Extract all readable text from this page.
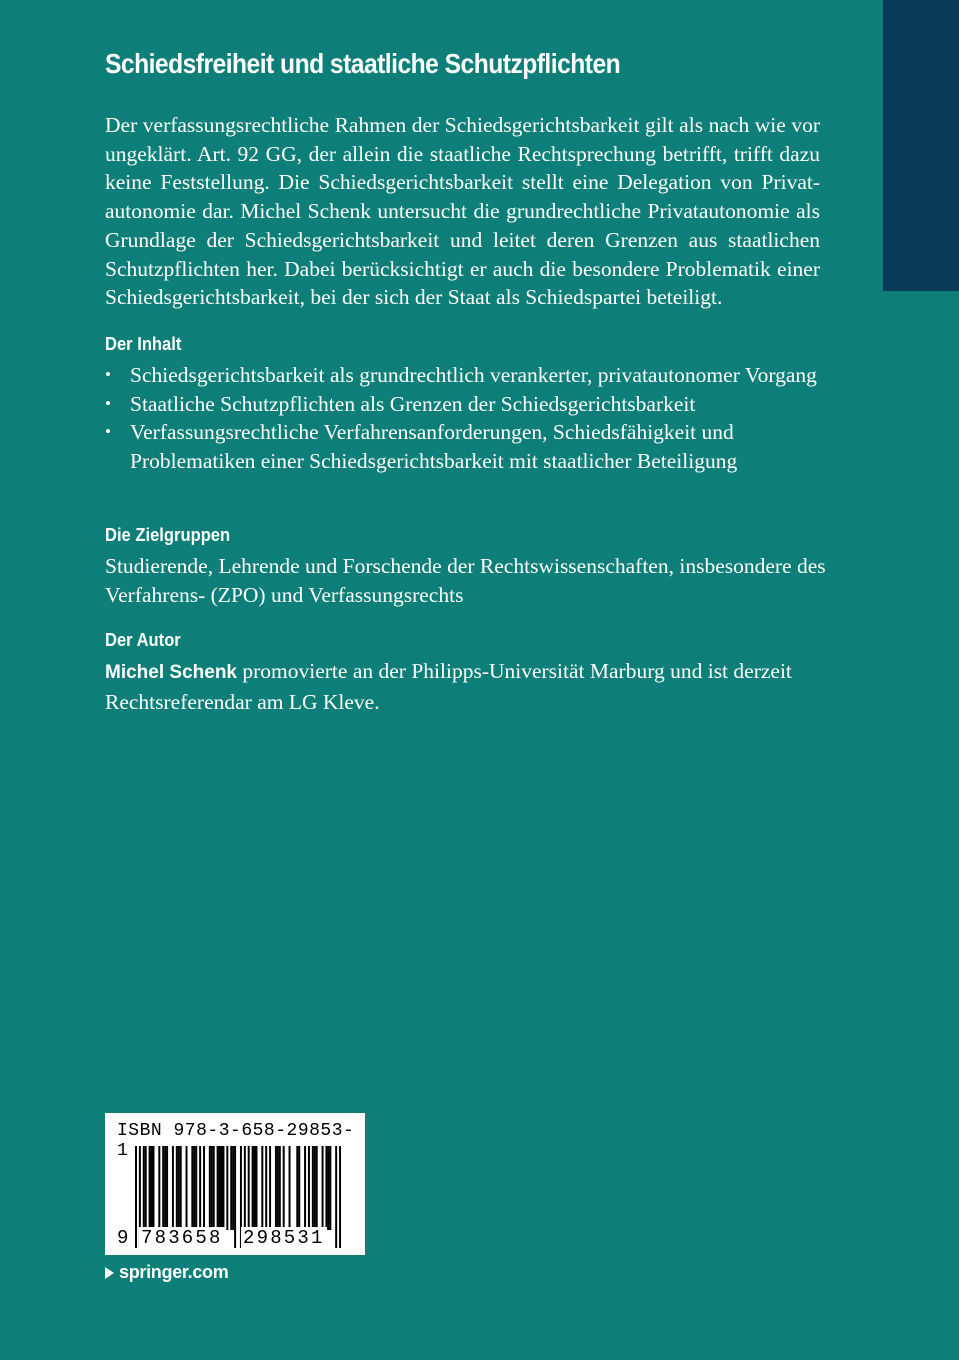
Schiedsfreiheit und staatliche Schutzpflichten
Der verfassungsrechtliche Rahmen der Schiedsgerichtsbarkeit gilt als nach wie vor ungeklärt. Art. 92 GG, der allein die staatliche Rechtsprechung betrifft, trifft dazu keine Feststellung. Die Schiedsgerichtsbarkeit stellt eine Delegation von Privat- autonomie dar. Michel Schenk untersucht die grundrechtliche Privatautonomie als Grundlage der Schiedsgerichtsbarkeit und leitet deren Grenzen aus staatlichen Schutzpflichten her. Dabei berücksichtigt er auch die besondere Problematik einer Schiedsgerichtsbarkeit, bei der sich der Staat als Schiedspartei beteiligt.
Der Inhalt
• Schiedsgerichtsbarkeit als grundrechtlich verankerter, privatautonomer Vorgang
• Staatliche Schutzpflichten als Grenzen der Schiedsgerichtsbarkeit
• Verfassungsrechtliche Verfahrensanforderungen, Schiedsfähigkeit und Problematiken einer Schiedsgerichtsbarkeit mit staatlicher Beteiligung
Die Zielgruppen
Studierende, Lehrende und Forschende der Rechtswissenschaften, insbesondere des Verfahrens- (ZPO) und Verfassungsrechts
Der Autor
Michel Schenk promovierte an der Philipps-Universität Marburg und ist derzeit Rechtsreferendar am LG Kleve.
ISBN 978-3-658-29853-1
9 783658 298531
springer.com
